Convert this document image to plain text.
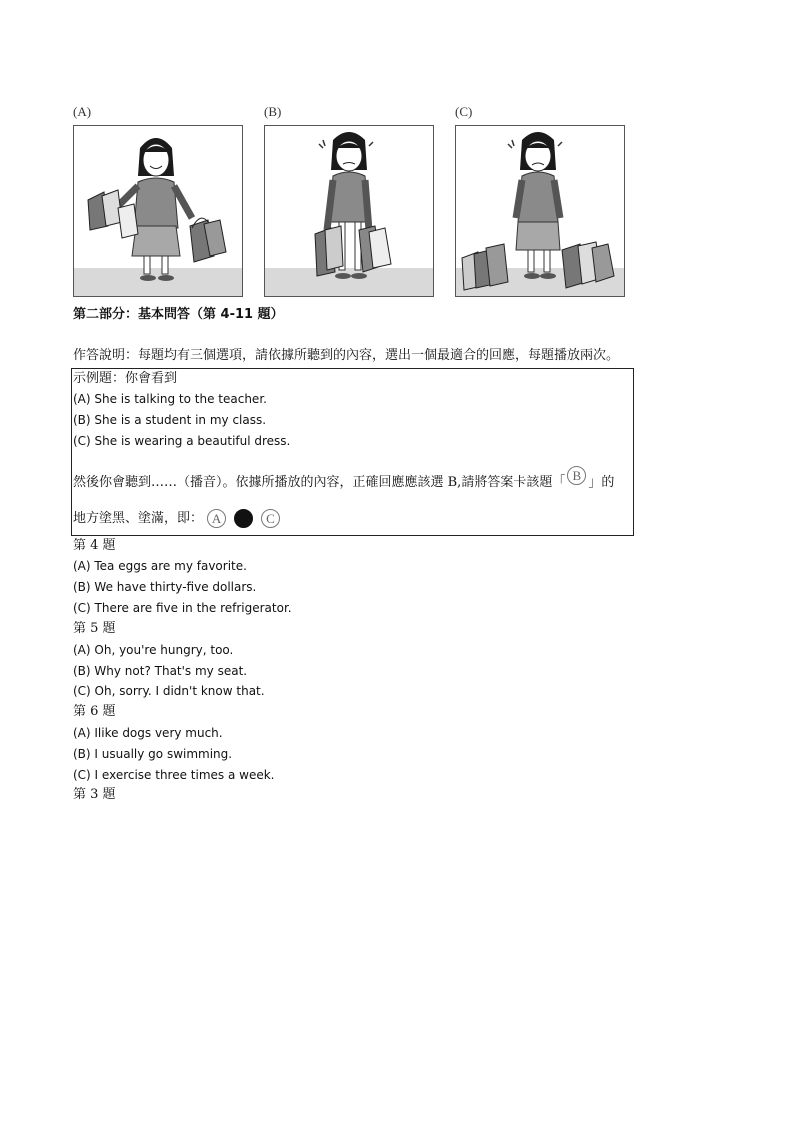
(A)	(B)	(C)
第二部分：基本問答（第 4-11 題）
作答說明：每題均有三個選項，請依據所聽到的內容，選出一個最適合的回應，每題播放兩次。
示例題：你會看到
(A) She is talking to the teacher.
(B) She is a student in my class.
(C) She is wearing a beautiful dress.
然後你會聽到……（播音）。依據所播放的內容，正確回應應該選 B,請將答案卡該題「 B 」的
地方塗黑、塗滿，即： A	C
第 4 題
(A) Tea eggs are my favorite.
(B) We have thirty-five dollars.
(C) There are five in the refrigerator.
第 5 題
(A) Oh, you're hungry, too.
(B) Why not? That's my seat.
(C) Oh, sorry. I didn't know that.
第 6 題
(A) Ilike dogs very much.
(B) I usually go swimming.
(C) I exercise three times a week.
第 3 題
